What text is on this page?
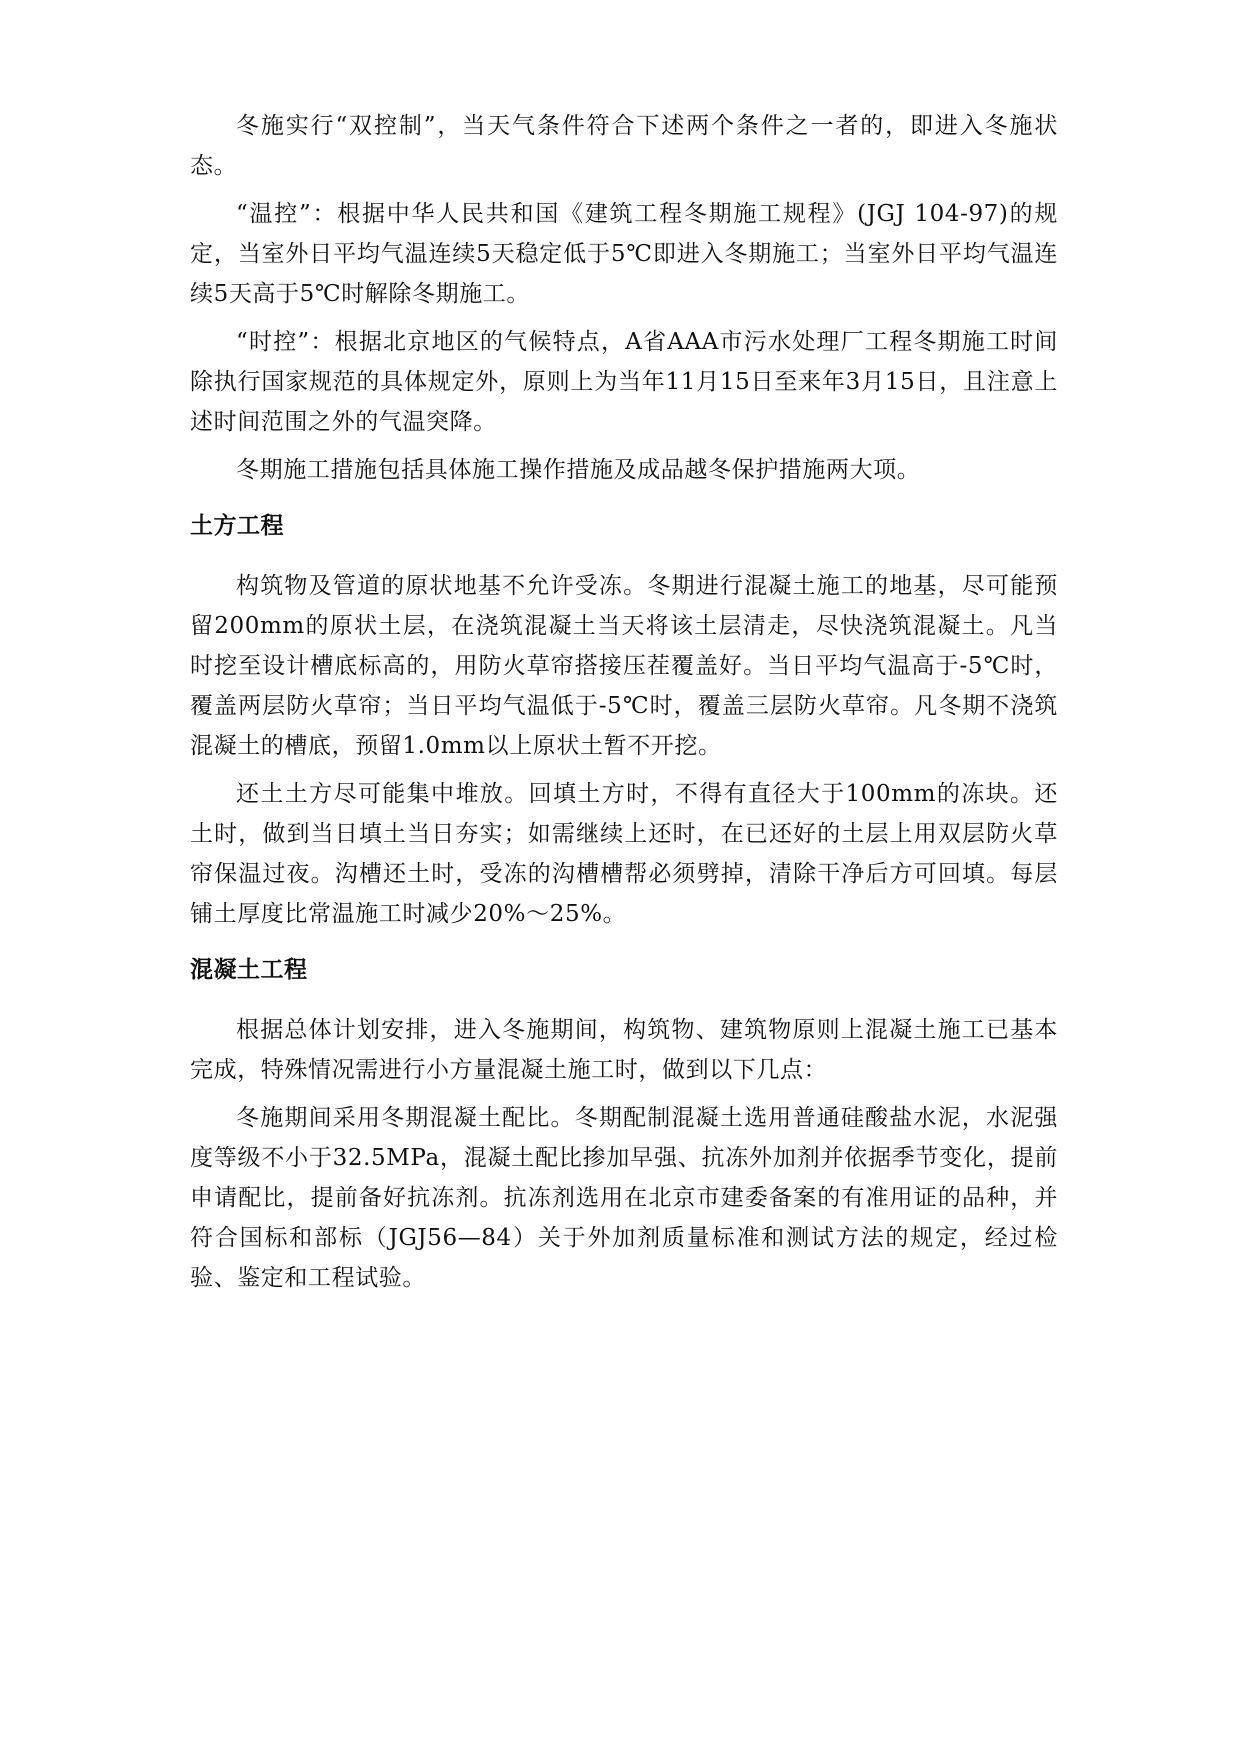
冬施实行“双控制”，当天气条件符合下述两个条件之一者的，即进入冬施状态。

“温控”：根据中华人民共和国《建筑工程冬期施工规程》(JGJ 104-97)的规定，当室外日平均气温连续5天稳定低于5℃即进入冬期施工；当室外日平均气温连续5天高于5℃时解除冬期施工。

“时控”：根据北京地区的气候特点，A省AAA市污水处理厂工程冬期施工时间除执行国家规范的具体规定外，原则上为当年11月15日至来年3月15日，且注意上述时间范围之外的气温突降。

冬期施工措施包括具体施工操作措施及成品越冬保护措施两大项。

土方工程

构筑物及管道的原状地基不允许受冻。冬期进行混凝土施工的地基，尽可能预留200mm的原状土层，在浇筑混凝土当天将该土层清走，尽快浇筑混凝土。凡当时挖至设计槽底标高的，用防火草帘搭接压茬覆盖好。当日平均气温高于-5℃时，覆盖两层防火草帘；当日平均气温低于-5℃时，覆盖三层防火草帘。凡冬期不浇筑混凝土的槽底，预留1.0mm以上原状土暂不开挖。

还土土方尽可能集中堆放。回填土方时，不得有直径大于100mm的冻块。还土时，做到当日填土当日夯实；如需继续上还时，在已还好的土层上用双层防火草帘保温过夜。沟槽还土时，受冻的沟槽槽帮必须劈掉，清除干净后方可回填。每层铺土厚度比常温施工时减少20%～25%。

混凝土工程

根据总体计划安排，进入冬施期间，构筑物、建筑物原则上混凝土施工已基本完成，特殊情况需进行小方量混凝土施工时，做到以下几点：

冬施期间采用冬期混凝土配比。冬期配制混凝土选用普通硅酸盐水泥，水泥强度等级不小于32.5MPa，混凝土配比掺加早强、抗冻外加剂并依据季节变化，提前申请配比，提前备好抗冻剂。抗冻剂选用在北京市建委备案的有准用证的品种，并符合国标和部标（JGJ56—84）关于外加剂质量标准和测试方法的规定，经过检验、鉴定和工程试验。
